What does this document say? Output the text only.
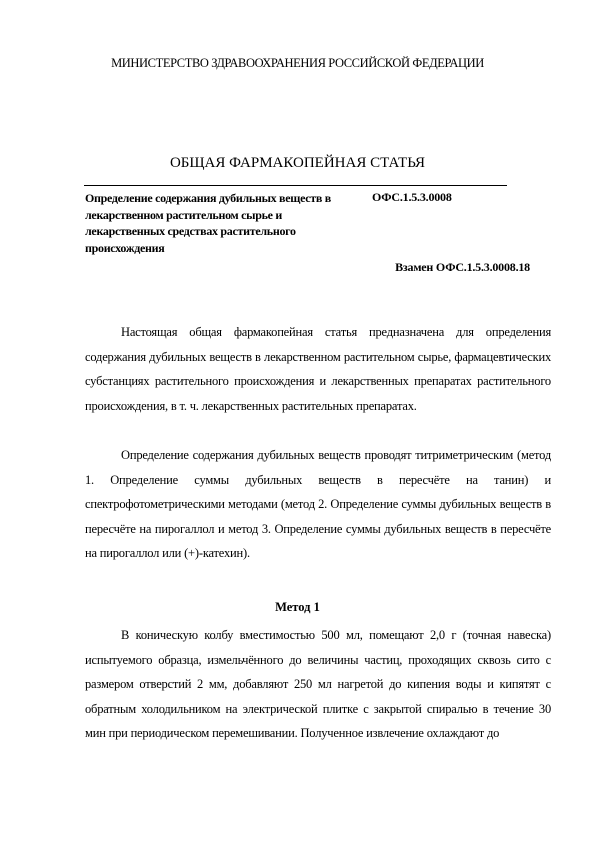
МИНИСТЕРСТВО ЗДРАВООХРАНЕНИЯ РОССИЙСКОЙ ФЕДЕРАЦИИ
ОБЩАЯ ФАРМАКОПЕЙНАЯ СТАТЬЯ
Определение содержания дубильных веществ в лекарственном растительном сырье и лекарственных средствах растительного происхождения
ОФС.1.5.3.0008
Взамен ОФС.1.5.3.0008.18

Настоящая общая фармакопейная статья предназначена для определения содержания дубильных веществ в лекарственном растительном сырье, фармацевтических субстанциях растительного происхождения и лекарственных препаратах растительного происхождения, в т. ч. лекарственных растительных препаратах.

Определение содержания дубильных веществ проводят титриметрическим (метод 1. Определение суммы дубильных веществ в пересчёте на танин) и спектрофотометрическими методами (метод 2. Определение суммы дубильных веществ в пересчёте на пирогаллол и метод 3. Определение суммы дубильных веществ в пересчёте на пирогаллол или (+)-катехин).

Метод 1

В коническую колбу вместимостью 500 мл, помещают 2,0 г (точная навеска) испытуемого образца, измельчённого до величины частиц, проходящих сквозь сито с размером отверстий 2 мм, добавляют 250 мл нагретой до кипения воды и кипятят с обратным холодильником на электрической плитке с закрытой спиралью в течение 30 мин при периодическом перемешивании. Полученное извлечение охлаждают до
